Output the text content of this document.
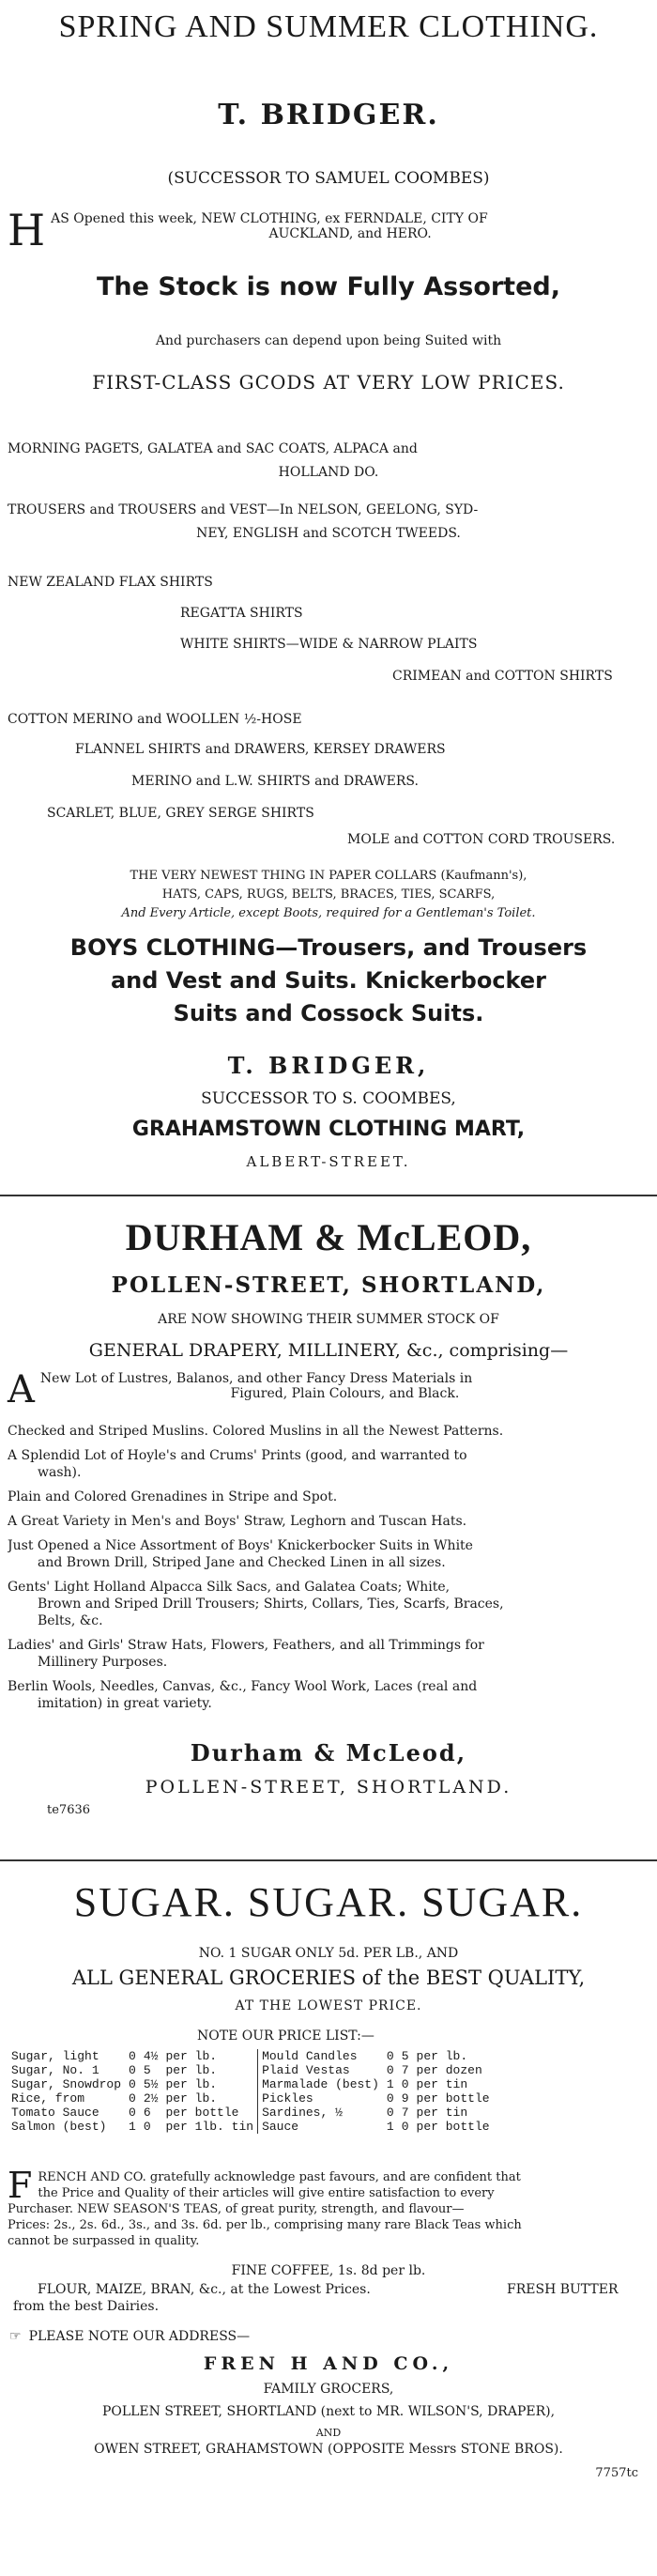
SPRING AND SUMMER CLOTHING.
T. BRIDGER.
(SUCCESSOR TO SAMUEL COOMBES)
H AS Opened this week, NEW CLOTHING, ex FERNDALE, CITY OF
AUCKLAND, and HERO.
The Stock is now Fully Assorted,
And purchasers can depend upon being Suited with
FIRST-CLASS GCODS AT VERY LOW PRICES.
MORNING PAGETS, GALATEA and SAC COATS, ALPACA and
HOLLAND DO.
TROUSERS and TROUSERS and VEST—In NELSON, GEELONG, SYD-
NEY, ENGLISH and SCOTCH TWEEDS.
NEW ZEALAND FLAX SHIRTS
REGATTA SHIRTS
WHITE SHIRTS—WIDE & NARROW PLAITS
CRIMEAN and COTTON SHIRTS
COTTON MERINO and WOOLLEN ½-HOSE
FLANNEL SHIRTS and DRAWERS, KERSEY DRAWERS
MERINO and L.W. SHIRTS and DRAWERS.
SCARLET, BLUE, GREY SERGE SHIRTS
MOLE and COTTON CORD TROUSERS.
THE VERY NEWEST THING IN PAPER COLLARS (Kaufmann's),
HATS, CAPS, RUGS, BELTS, BRACES, TIES, SCARFS,
And Every Article, except Boots, required for a Gentleman's Toilet.
BOYS CLOTHING—Trousers, and Trousers
and Vest and Suits. Knickerbocker
Suits and Cossock Suits.
T. BRIDGER,
SUCCESSOR TO S. COOMBES,
GRAHAMSTOWN CLOTHING MART,
ALBERT-STREET.
DURHAM & McLEOD,
POLLEN-STREET, SHORTLAND,
ARE NOW SHOWING THEIR SUMMER STOCK OF
GENERAL DRAPERY, MILLINERY, &c., comprising—
A New Lot of Lustres, Balanos, and other Fancy Dress Materials in
Figured, Plain Colours, and Black.
Checked and Striped Muslins. Colored Muslins in all the Newest Patterns.
A Splendid Lot of Hoyle's and Crums' Prints (good, and warranted to
wash).
Plain and Colored Grenadines in Stripe and Spot.
A Great Variety in Men's and Boys' Straw, Leghorn and Tuscan Hats.
Just Opened a Nice Assortment of Boys' Knickerbocker Suits in White
and Brown Drill, Striped Jane and Checked Linen in all sizes.
Gents' Light Holland Alpacca Silk Sacs, and Galatea Coats; White,
Brown and Sriped Drill Trousers; Shirts, Collars, Ties, Scarfs, Braces,
Belts, &c.
Ladies' and Girls' Straw Hats, Flowers, Feathers, and all Trimmings for
Millinery Purposes.
Berlin Wools, Needles, Canvas, &c., Fancy Wool Work, Laces (real and
imitation) in great variety.
Durham & McLeod,
POLLEN-STREET, SHORTLAND.
te7636
SUGAR. SUGAR. SUGAR.
NO. 1 SUGAR ONLY 5d. PER LB., AND
ALL GENERAL GROCERIES of the BEST QUALITY,
AT THE LOWEST PRICE.
NOTE OUR PRICE LIST:—
Sugar, light	0	4½	per lb.	Mould Candles	0	5	per lb.
Sugar, No. 1	0	5	per lb.	Plaid Vestas	0	7	per dozen
Sugar, Snowdrop	0	5½	per lb.	Marmalade (best)	1	0	per tin
Rice, from	0	2½	per lb.	Pickles	0	9	per bottle
Tomato Sauce	0	6	per bottle	Sardines, ½	0	7	per tin
Salmon (best)	1	0	per 1lb. tin	Sauce	1	0	per bottle
F RENCH AND CO. gratefully acknowledge past favours, and are confident that
the Price and Quality of their articles will give entire satisfaction to every
Purchaser. NEW SEASON'S TEAS, of great purity, strength, and flavour—
Prices: 2s., 2s. 6d., 3s., and 3s. 6d. per lb., comprising many rare Black Teas which
cannot be surpassed in quality.
FINE COFFEE, 1s. 8d per lb.
FLOUR, MAIZE, BRAN, &c., at the Lowest Prices.	FRESH BUTTER
from the best Dairies.
☞ PLEASE NOTE OUR ADDRESS—
FREN H AND CO.,
FAMILY GROCERS,
POLLEN STREET, SHORTLAND (next to MR. WILSON'S, DRAPER),
AND
OWEN STREET, GRAHAMSTOWN (OPPOSITE Messrs STONE BROS).
7757tc
